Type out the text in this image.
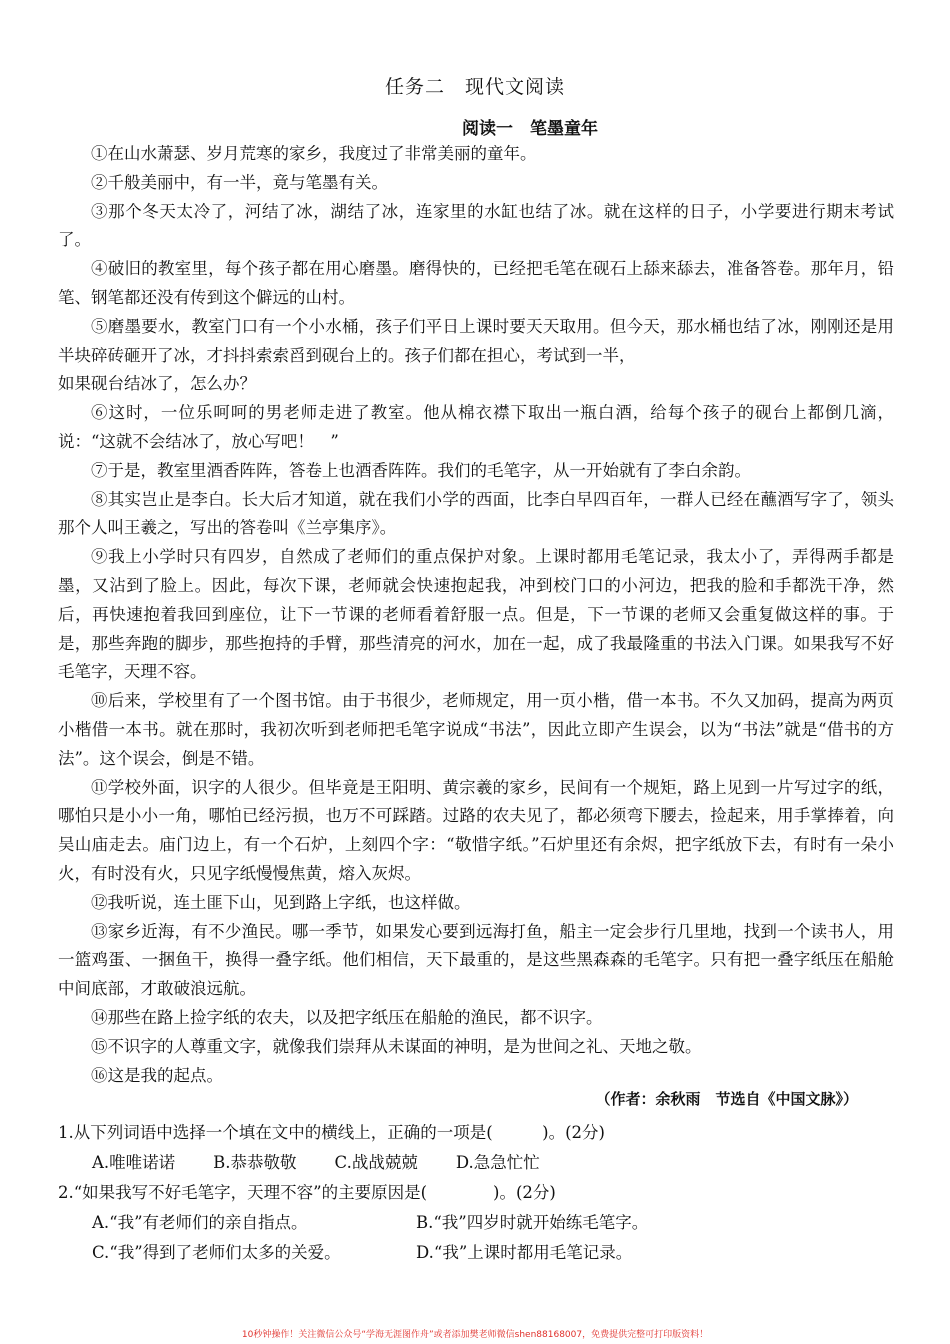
任务二　现代文阅读
阅读一　笔墨童年

①在山水萧瑟、岁月荒寒的家乡，我度过了非常美丽的童年。

②千般美丽中，有一半，竟与笔墨有关。

③那个冬天太冷了，河结了冰，湖结了冰，连家里的水缸也结了冰。就在这样的日子，小学要进行期末考试了。

④破旧的教室里，每个孩子都在用心磨墨。磨得快的，已经把毛笔在砚石上舔来舔去，准备答卷。那年月，铅笔、钢笔都还没有传到这个僻远的山村。

⑤磨墨要水，教室门口有一个小水桶，孩子们平日上课时要天天取用。但今天，那水桶也结了冰，刚刚还是用半块碎砖砸开了冰，才抖抖索索舀到砚台上的。孩子们都在担心，考试到一半，

如果砚台结冰了，怎么办？

⑥这时，一位乐呵呵的男老师走进了教室。他从棉衣襟下取出一瓶白酒，给每个孩子的砚台上都倒几滴，说：“这就不会结冰了，放心写吧！　”

⑦于是，教室里酒香阵阵，答卷上也酒香阵阵。我们的毛笔字，从一开始就有了李白余韵。

⑧其实岂止是李白。长大后才知道，就在我们小学的西面，比李白早四百年，一群人已经在蘸酒写字了，领头那个人叫王羲之，写出的答卷叫《兰亭集序》。

⑨我上小学时只有四岁，自然成了老师们的重点保护对象。上课时都用毛笔记录，我太小了，弄得两手都是墨，又沾到了脸上。因此，每次下课，老师就会快速抱起我，冲到校门口的小河边，把我的脸和手都洗干净，然后，再快速抱着我回到座位，让下一节课的老师看着舒服一点。但是，下一节课的老师又会重复做这样的事。于是，那些奔跑的脚步，那些抱持的手臂，那些清亮的河水，加在一起，成了我最隆重的书法入门课。如果我写不好毛笔字，天理不容。

⑩后来，学校里有了一个图书馆。由于书很少，老师规定，用一页小楷，借一本书。不久又加码，提高为两页小楷借一本书。就在那时，我初次听到老师把毛笔字说成“书法”，因此立即产生误会，以为“书法”就是“借书的方法”。这个误会，倒是不错。

⑪学校外面，识字的人很少。但毕竟是王阳明、黄宗羲的家乡，民间有一个规矩，路上见到一片写过字的纸，哪怕只是小小一角，哪怕已经污损，也万不可踩踏。过路的农夫见了，都必须弯下腰去，捡起来，用手掌捧着，向吴山庙走去。庙门边上，有一个石炉，上刻四个字：“敬惜字纸。”石炉里还有余烬，把字纸放下去，有时有一朵小火，有时没有火，只见字纸慢慢焦黄，熔入灰烬。

⑫我听说，连土匪下山，见到路上字纸，也这样做。

⑬家乡近海，有不少渔民。哪一季节，如果发心要到远海打鱼，船主一定会步行几里地，找到一个读书人，用一篮鸡蛋、一捆鱼干，换得一叠字纸。他们相信，天下最重的，是这些黑森森的毛笔字。只有把一叠字纸压在船舱中间底部，才敢破浪远航。

⑭那些在路上捡字纸的农夫，以及把字纸压在船舱的渔民，都不识字。

⑮不识字的人尊重文字，就像我们崇拜从未谋面的神明，是为世间之礼、天地之敬。

⑯这是我的起点。

（作者：余秋雨　节选自《中国文脉》）

1.从下列词语中选择一个填在文中的横线上，正确的一项是(　　　)。(2分)

A.唯唯诺诺 B.恭恭敬敬 C.战战兢兢 D.急急忙忙

2.“如果我写不好毛笔字，天理不容”的主要原因是(　　　　)。(2分)

A.“我”有老师们的亲自指点。	B.“我”四岁时就开始练毛笔字。
C.“我”得到了老师们太多的关爱。	D.“我”上课时都用毛笔记录。
10秒钟操作！关注微信公众号“学海无涯图作舟”或者添加樊老师微信shen88168007，免费提供完整可打印版资料！
